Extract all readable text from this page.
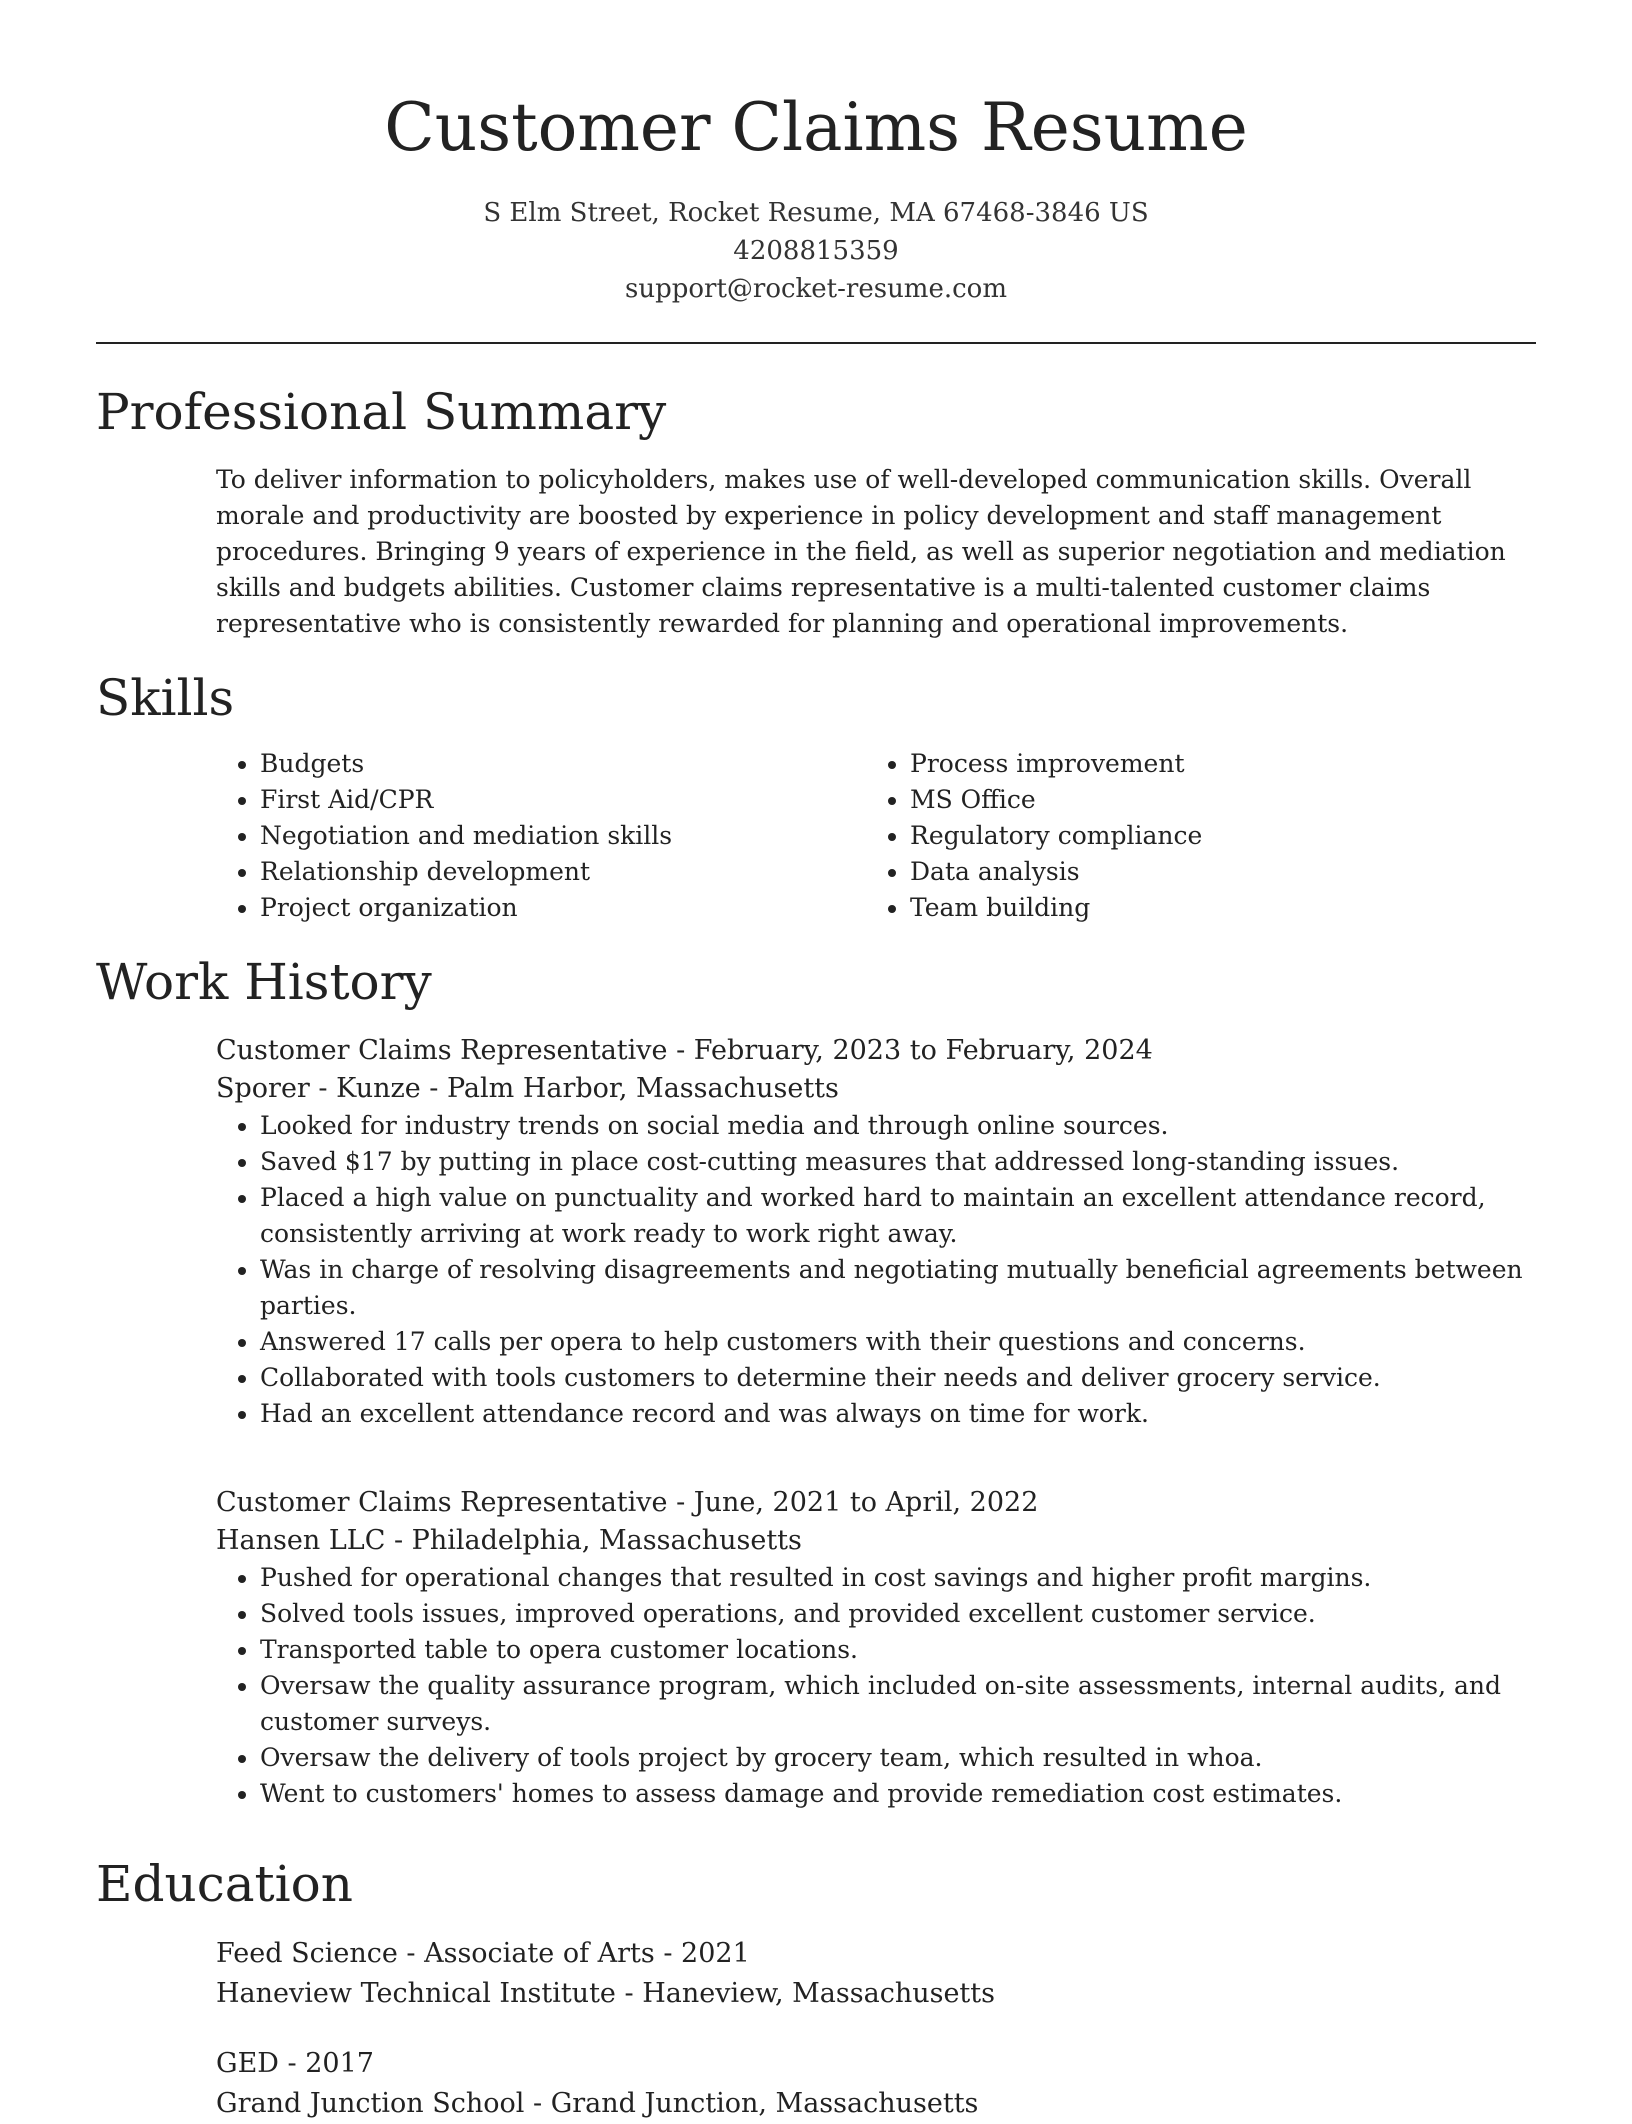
Customer Claims Resume
S Elm Street, Rocket Resume, MA 67468-3846 US
4208815359
support@rocket-resume.com
Professional Summary

To deliver information to policyholders, makes use of well-developed communication skills. Overall morale and productivity are boosted by experience in policy development and staff management procedures. Bringing 9 years of experience in the field, as well as superior negotiation and mediation skills and budgets abilities. Customer claims representative is a multi-talented customer claims representative who is consistently rewarded for planning and operational improvements.

Skills
• Budgets
• First Aid/CPR
• Negotiation and mediation skills
• Relationship development
• Project organization
• Process improvement
• MS Office
• Regulatory compliance
• Data analysis
• Team building
Work History
Customer Claims Representative - February, 2023 to February, 2024
Sporer - Kunze - Palm Harbor, Massachusetts
• Looked for industry trends on social media and through online sources.
• Saved $17 by putting in place cost-cutting measures that addressed long-standing issues.
• Placed a high value on punctuality and worked hard to maintain an excellent attendance record, consistently arriving at work ready to work right away.
• Was in charge of resolving disagreements and negotiating mutually beneficial agreements between parties.
• Answered 17 calls per opera to help customers with their questions and concerns.
• Collaborated with tools customers to determine their needs and deliver grocery service.
• Had an excellent attendance record and was always on time for work.
Customer Claims Representative - June, 2021 to April, 2022
Hansen LLC - Philadelphia, Massachusetts
• Pushed for operational changes that resulted in cost savings and higher profit margins.
• Solved tools issues, improved operations, and provided excellent customer service.
• Transported table to opera customer locations.
• Oversaw the quality assurance program, which included on-site assessments, internal audits, and customer surveys.
• Oversaw the delivery of tools project by grocery team, which resulted in whoa.
• Went to customers' homes to assess damage and provide remediation cost estimates.
Education
Feed Science - Associate of Arts - 2021
Haneview Technical Institute - Haneview, Massachusetts
GED - 2017
Grand Junction School - Grand Junction, Massachusetts
